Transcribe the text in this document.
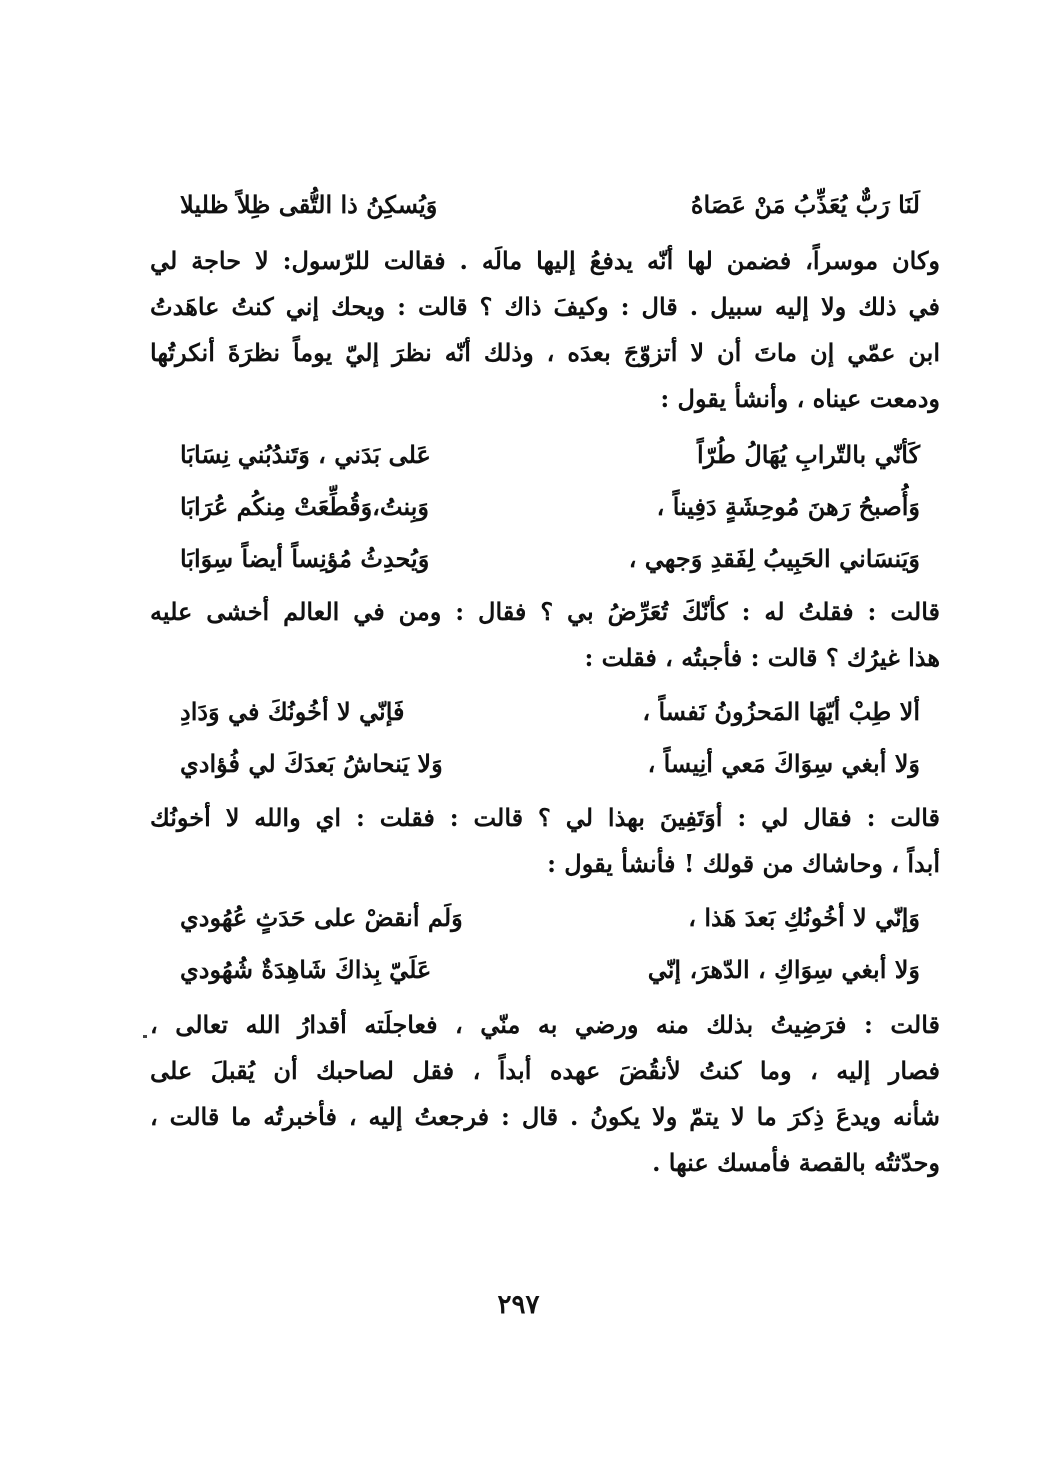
لَنَا رَبٌّ يُعَذِّبُ مَنْ عَصَاهُ
وَيُسكِنُ ذا التُّقى ظِلاً ظليلا
وكان موسراً، فضمن لها أنّه يدفعُ إليها مالَه . فقالت للرّسول: لا حاجة لي
في ذلك ولا إليه سبيل . قال : وكيفَ ذاك ؟ قالت : ويحك إني كنتُ عاهَدتُ
ابن عمّي إن ماتَ أن لا أتزوّجَ بعدَه ، وذلك أنّه نظرَ إليّ يوماً نظرَةَ أنكرتُها
ودمعت عيناه ، وأنشأ يقول :
كَأنّي بالتّرابِ يُهَالُ طُرّاً
عَلى بَدَني ، وَتَندُبُني نِسَابَا
وَأُصبحُ رَهنَ مُوحِشَةٍ دَفِيناً ،
وَبِنتُ،وَقُطِّعَتْ مِنكُم عُرَابَا
وَيَنسَاني الحَبِيبُ لِفَقدِ وَجهي ،
وَيُحدِثُ مُؤنِساً أيضاً سِوَابَا
قالت : فقلتُ له : كأنّكَ تُعَرِّضُ بي ؟ فقال : ومن في العالم أخشى عليه
هذا غيرُك ؟ قالت : فأجبتُه ، فقلت :
ألا طِبْ أيّهَا المَحزُونُ نَفساً ،
فَإنّي لا أخُونُكَ في وَدَادِ
وَلا أبغي سِوَاكَ مَعي أنِيساً ،
وَلا يَنحاشُ بَعدَكَ لي فُؤادي
قالت : فقال لي : أوَتَفِينَ بهذا لي ؟ قالت : فقلت : اي والله لا أخونُك
أبداً ، وحاشاك من قولك ! فأنشأ يقول :
وَإنّي لا أخُونُكِ بَعدَ هَذا ،
وَلَم أنقضْ على حَدَثٍ عُهُودي
وَلا أبغي سِوَاكِ ، الدّهرَ، إنّي
عَلَيّ بِذاكَ شَاهِدَةٌ شُهُودي
قالت : فرَضِيتُ بذلك منه ورضي به منّي ، فعاجلَته أقدارُ الله تعالى ،
فصار إليه ، وما كنتُ لأنقُضَ عهده أبداً ، فقل لصاحبك أن يُقبلَ على
شأنه ويدعَ ذِكرَ ما لا يتمّ ولا يكونُ . قال : فرجعتُ إليه ، فأخبرتُه ما قالت ،
وحدّثتُه بالقصة فأمسك عنها .
٢٩٧
